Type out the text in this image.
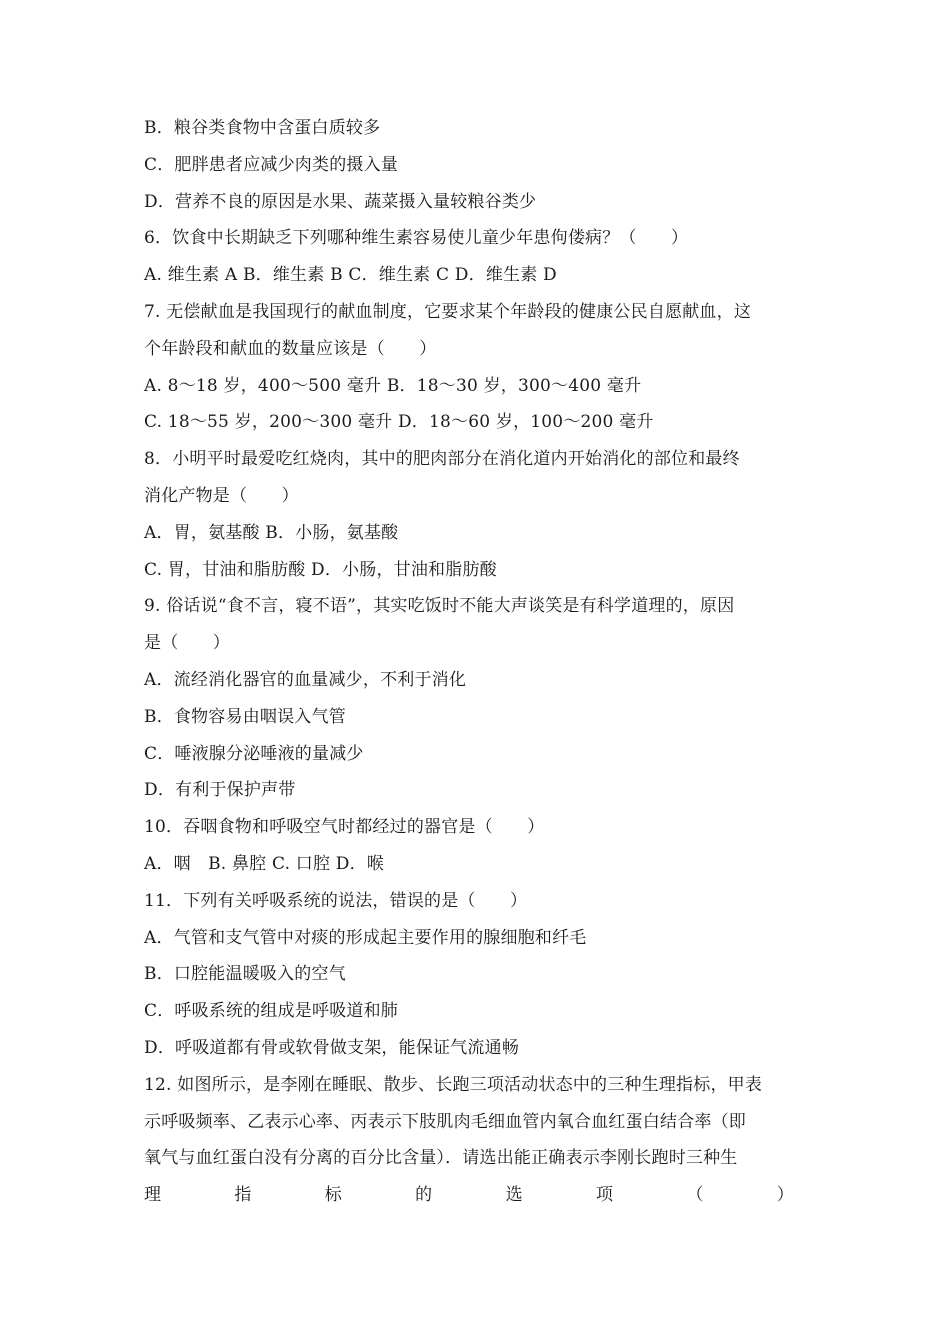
B．粮谷类食物中含蛋白质较多
C．肥胖患者应减少肉类的摄入量
D．营养不良的原因是水果、蔬菜摄入量较粮谷类少
6．饮食中长期缺乏下列哪种维生素容易使儿童少年患佝偻病？（　　）
A. 维生素 A B．维生素 B C．维生素 C D．维生素 D
7. 无偿献血是我国现行的献血制度，它要求某个年龄段的健康公民自愿献血，这
个年龄段和献血的数量应该是（　　）
A. 8～18 岁，400～500 毫升 B．18～30 岁，300～400 毫升
C. 18～55 岁，200～300 毫升 D．18～60 岁，100～200 毫升
8．小明平时最爱吃红烧肉，其中的肥肉部分在消化道内开始消化的部位和最终
消化产物是（　　）
A．胃，氨基酸 B．小肠，氨基酸
C. 胃，甘油和脂肪酸 D．小肠，甘油和脂肪酸
9. 俗话说“食不言，寝不语”，其实吃饭时不能大声谈笑是有科学道理的，原因
是（　　）
A．流经消化器官的血量减少，不利于消化
B．食物容易由咽误入气管
C．唾液腺分泌唾液的量减少
D．有利于保护声带
10．吞咽食物和呼吸空气时都经过的器官是（　　）
A．咽　B. 鼻腔 C. 口腔 D．喉
11．下列有关呼吸系统的说法，错误的是（　　）
A．气管和支气管中对痰的形成起主要作用的腺细胞和纤毛
B．口腔能温暖吸入的空气
C．呼吸系统的组成是呼吸道和肺
D．呼吸道都有骨或软骨做支架，能保证气流通畅
12. 如图所示，是李刚在睡眠、散步、长跑三项活动状态中的三种生理指标，甲表
示呼吸频率、乙表示心率、丙表示下肢肌肉毛细血管内氧合血红蛋白结合率（即
氧气与血红蛋白没有分离的百分比含量）．请选出能正确表示李刚长跑时三种生
理	指	标	的	选	项	（	）
